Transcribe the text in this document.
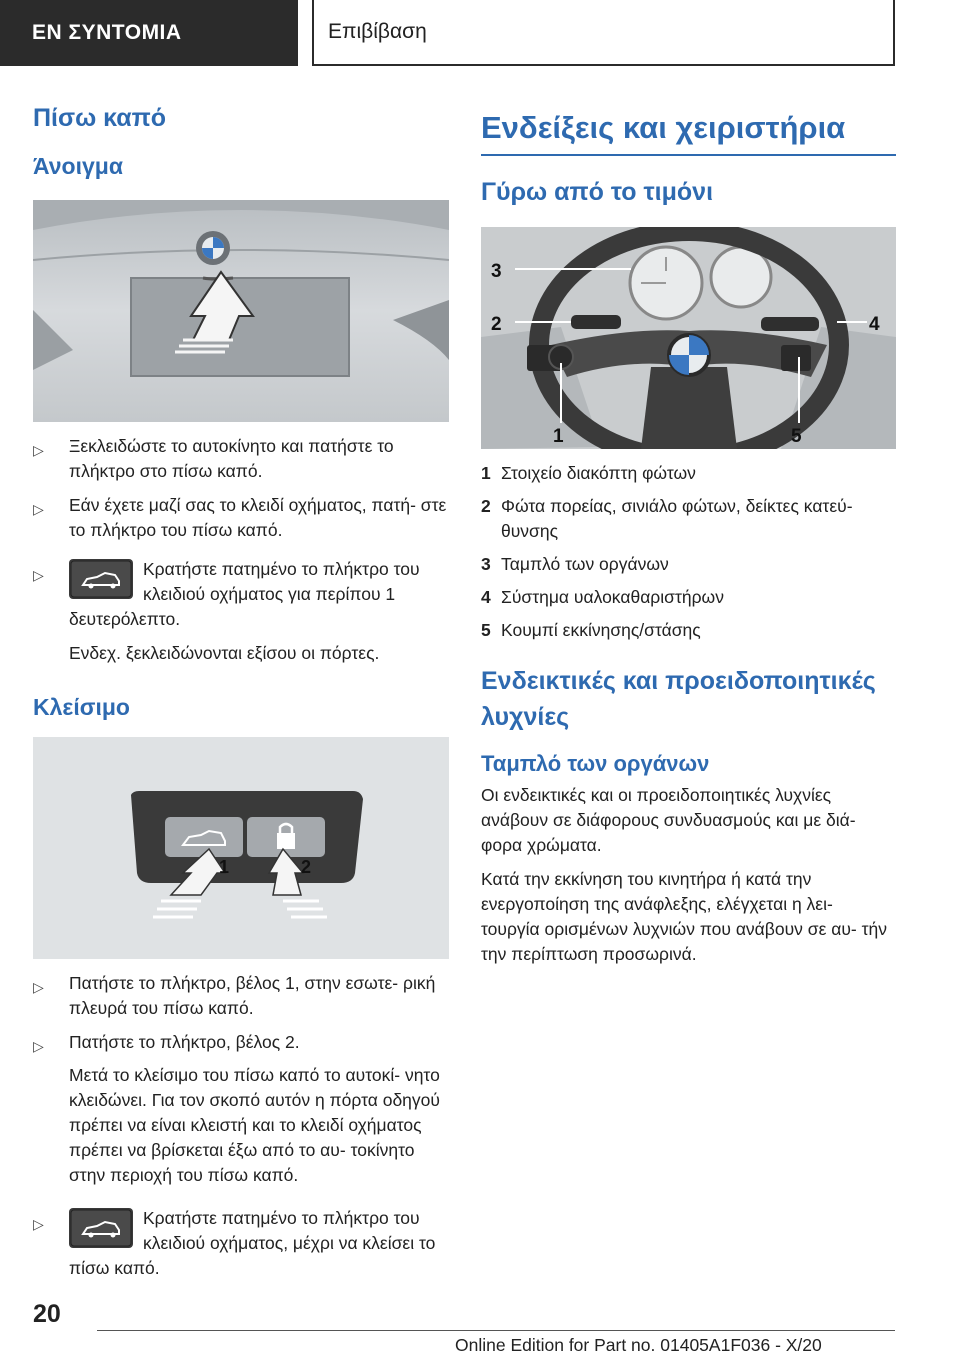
ΕΝ ΣΥΝΤΟΜΙΑ	Επιβίβαση
Πίσω καπό
Άνοιγμα
▷ Ξεκλειδώστε το αυτοκίνητο και πατήστε το πλήκτρο στο πίσω καπό.
▷ Εάν έχετε μαζί σας το κλειδί οχήματος, πατή- στε το πλήκτρο του πίσω καπό.
▷	Κρατήστε πατημένο το πλήκτρο του κλειδιού οχήματος για περίπου 1 δευτερόλεπτο.
Ενδεχ. ξεκλειδώνονται εξίσου οι πόρτες.
Κλείσιμο
1	2
▷ Πατήστε το πλήκτρο, βέλος 1, στην εσωτε- ρική πλευρά του πίσω καπό.
▷ Πατήστε το πλήκτρο, βέλος 2.
Μετά το κλείσιμο του πίσω καπό το αυτοκί- νητο κλειδώνει. Για τον σκοπό αυτόν η πόρτα οδηγού πρέπει να είναι κλειστή και το κλειδί οχήματος πρέπει να βρίσκεται έξω από το αυ- τοκίνητο στην περιοχή του πίσω καπό.
▷	Κρατήστε πατημένο το πλήκτρο του κλειδιού οχήματος, μέχρι να κλείσει το πίσω καπό.
Ενδείξεις και χειριστήρια
Γύρω από το τιμόνι
3
2
1
4
5
1 Στοιχείο διακόπτη φώτων
2 Φώτα πορείας, σινιάλο φώτων, δείκτες κατεύ- θυνσης
3 Ταμπλό των οργάνων
4 Σύστημα υαλοκαθαριστήρων
5 Κουμπί εκκίνησης/στάσης
Ενδεικτικές και προειδοποιητικές λυχνίες
Ταμπλό των οργάνων
Οι ενδεικτικές και οι προειδοποιητικές λυχνίες ανάβουν σε διάφορους συνδυασμούς και με διά- φορα χρώματα.
Κατά την εκκίνηση του κινητήρα ή κατά την ενεργοποίηση της ανάφλεξης, ελέγχεται η λει- τουργία ορισμένων λυχνιών που ανάβουν σε αυ- τήν την περίπτωση προσωρινά.
20
Online Edition for Part no. 01405A1F036 - X/20
